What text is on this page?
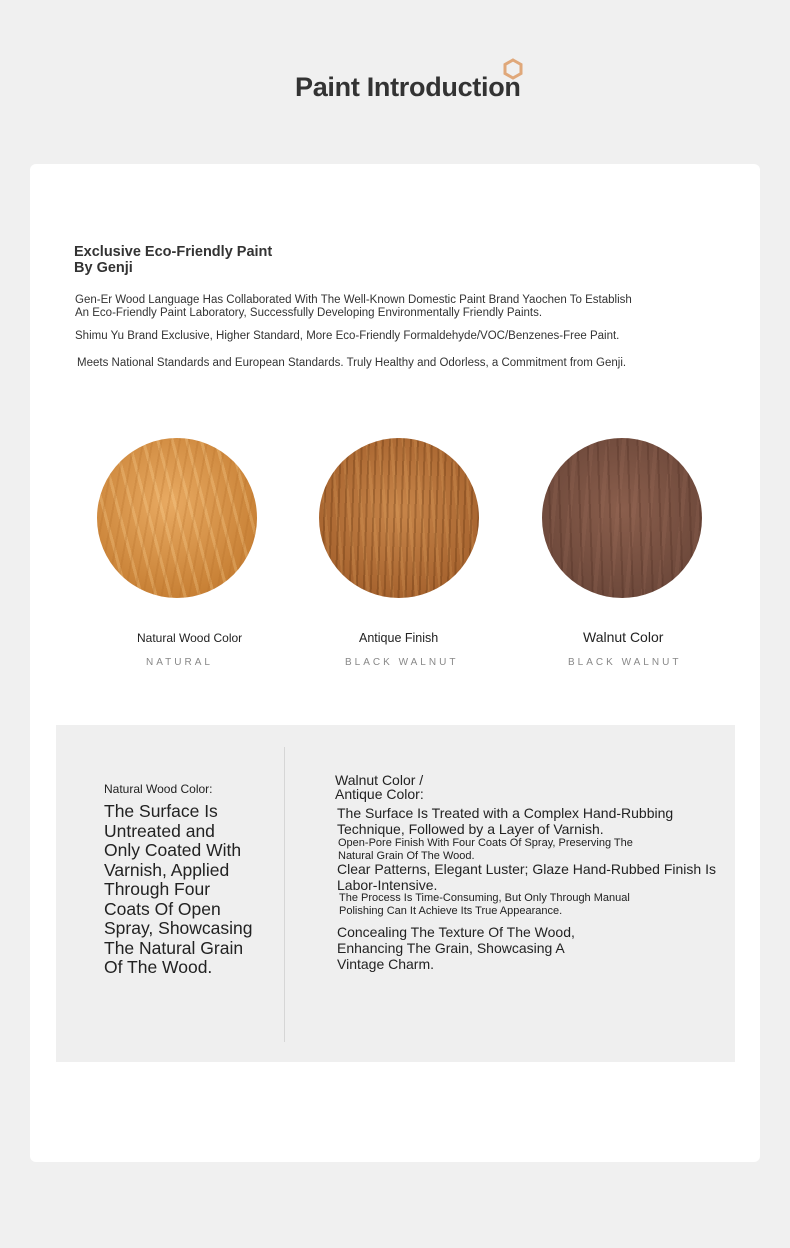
Paint Introduction
Exclusive Eco-Friendly Paint By Genji
Gen-Er Wood Language Has Collaborated With The Well-Known Domestic Paint Brand Yaochen To Establish An Eco-Friendly Paint Laboratory, Successfully Developing Environmentally Friendly Paints.
Shimu Yu Brand Exclusive, Higher Standard, More Eco-Friendly Formaldehyde/VOC/Benzenes-Free Paint.
Meets National Standards and European Standards. Truly Healthy and Odorless, a Commitment from Genji.
Natural Wood Color	Antique Finish	Walnut Color
NATURAL	BLACK WALNUT	BLACK WALNUT
Natural Wood Color:
The Surface Is Untreated and Only Coated With Varnish, Applied Through Four Coats Of Open Spray, Showcasing The Natural Grain Of The Wood.
Walnut Color / Antique Color:
The Surface Is Treated with a Complex Hand-Rubbing Technique, Followed by a Layer of Varnish.
Open-Pore Finish With Four Coats Of Spray, Preserving The Natural Grain Of The Wood.
Clear Patterns, Elegant Luster; Glaze Hand-Rubbed Finish Is Labor-Intensive.
The Process Is Time-Consuming, But Only Through Manual Polishing Can It Achieve Its True Appearance.
Concealing The Texture Of The Wood, Enhancing The Grain, Showcasing A Vintage Charm.
